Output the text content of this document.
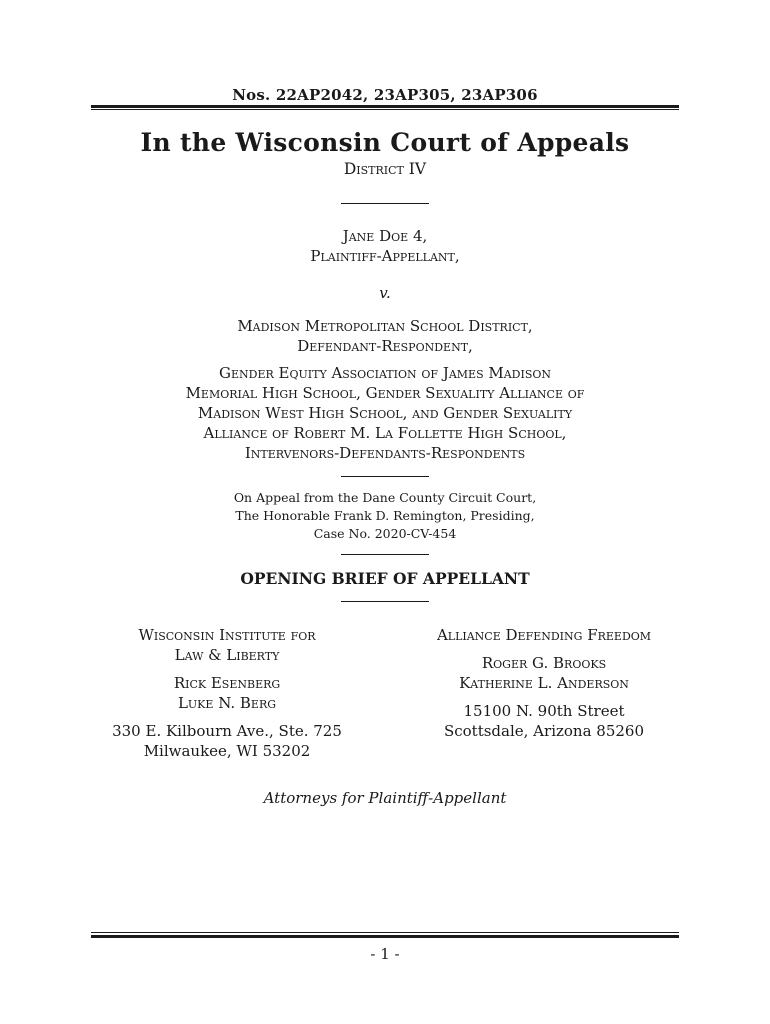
Nos. 22AP2042, 23AP305, 23AP306
In the Wisconsin Court of Appeals
District IV
Jane Doe 4,
Plaintiff-Appellant,
v.
Madison Metropolitan School District,
Defendant-Respondent,
Gender Equity Association of James Madison
Memorial High School, Gender Sexuality Alliance of
Madison West High School, and Gender Sexuality
Alliance of Robert M. La Follette High School,
Intervenors-Defendants-Respondents
On Appeal from the Dane County Circuit Court,
The Honorable Frank D. Remington, Presiding,
Case No. 2020-CV-454
OPENING BRIEF OF APPELLANT
Wisconsin Institute for
Law & Liberty
Rick Esenberg
Luke N. Berg
330 E. Kilbourn Ave., Ste. 725
Milwaukee, WI 53202
Alliance Defending Freedom
Roger G. Brooks
Katherine L. Anderson
15100 N. 90th Street
Scottsdale, Arizona 85260
Attorneys for Plaintiff-Appellant
- 1 -
